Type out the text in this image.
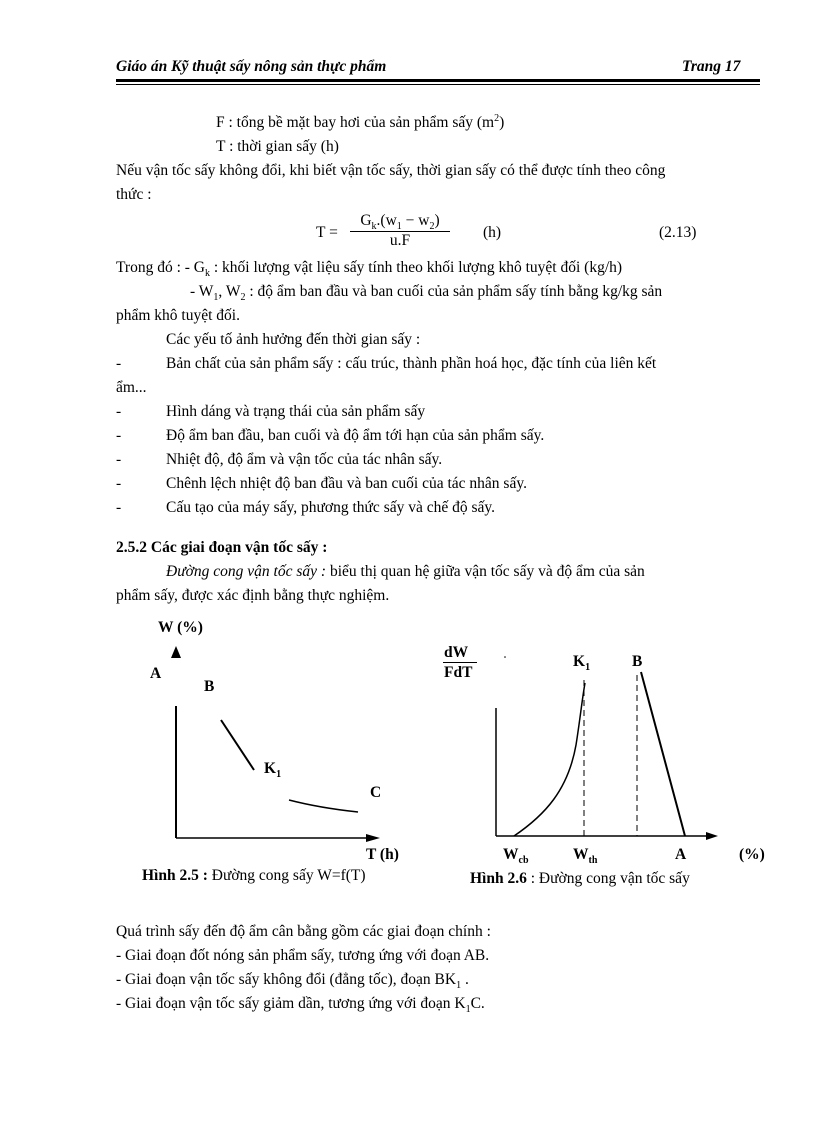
Giáo án Kỹ thuật sấy nông sản thực phẩm	Trang 17
F : tổng bề mặt bay hơi của sản phẩm sấy $(m^2)$
T : thời gian sấy (h)
Nếu vận tốc sấy không đổi, khi biết vận tốc sấy, thời gian sấy có thể được tính theo công
thức :
T =
$G_k.(w_1 - w_2)$
u.F	(h)	(2.13)
Trong đó : - $G_k$ : khối lượng vật liệu sấy tính theo khối lượng khô tuyệt đối (kg/h)
- $W_1$, $W_2$ : độ ẩm ban đầu và ban cuối của sản phẩm sấy tính bằng kg/kg sản
phẩm khô tuyệt đối.
Các yếu tố ảnh hưởng đến thời gian sấy :
-	Bản chất của sản phẩm sấy : cấu trúc, thành phần hoá học, đặc tính của liên kết
ẩm...
-	Hình dáng và trạng thái của sản phẩm sấy
-	Độ ẩm ban đầu, ban cuối và độ ẩm tới hạn của sản phẩm sấy.
-	Nhiệt độ, độ ẩm và vận tốc của tác nhân sấy.
-	Chênh lệch nhiệt độ ban đầu và ban cuối của tác nhân sấy.
-	Cấu tạo của máy sấy, phương thức sấy và chế độ sấy.
2.5.2 Các giai đoạn vận tốc sấy :
Đường cong vận tốc sấy : biểu thị quan hệ giữa vận tốc sấy và độ ẩm của sản
phẩm sấy, được xác định bằng thực nghiệm.
W (%)
A
B
$K_1$
C
T (h)
Hình 2.5 : Đường cong sấy W=f(T)
dW
FdT
$K_1$	B
$W_{cb}$	$W_{th}$	A	(%)
Hình 2.6 : Đường cong vận tốc sấy
Quá trình sấy đến độ ẩm cân bằng gồm các giai đoạn chính :
- Giai đoạn đốt nóng sản phẩm sấy, tương ứng với đoạn AB.
- Giai đoạn vận tốc sấy không đổi (đẳng tốc), đoạn $BK_1$ .
- Giai đoạn vận tốc sấy giảm dần, tương ứng với đoạn $K_1C$.
